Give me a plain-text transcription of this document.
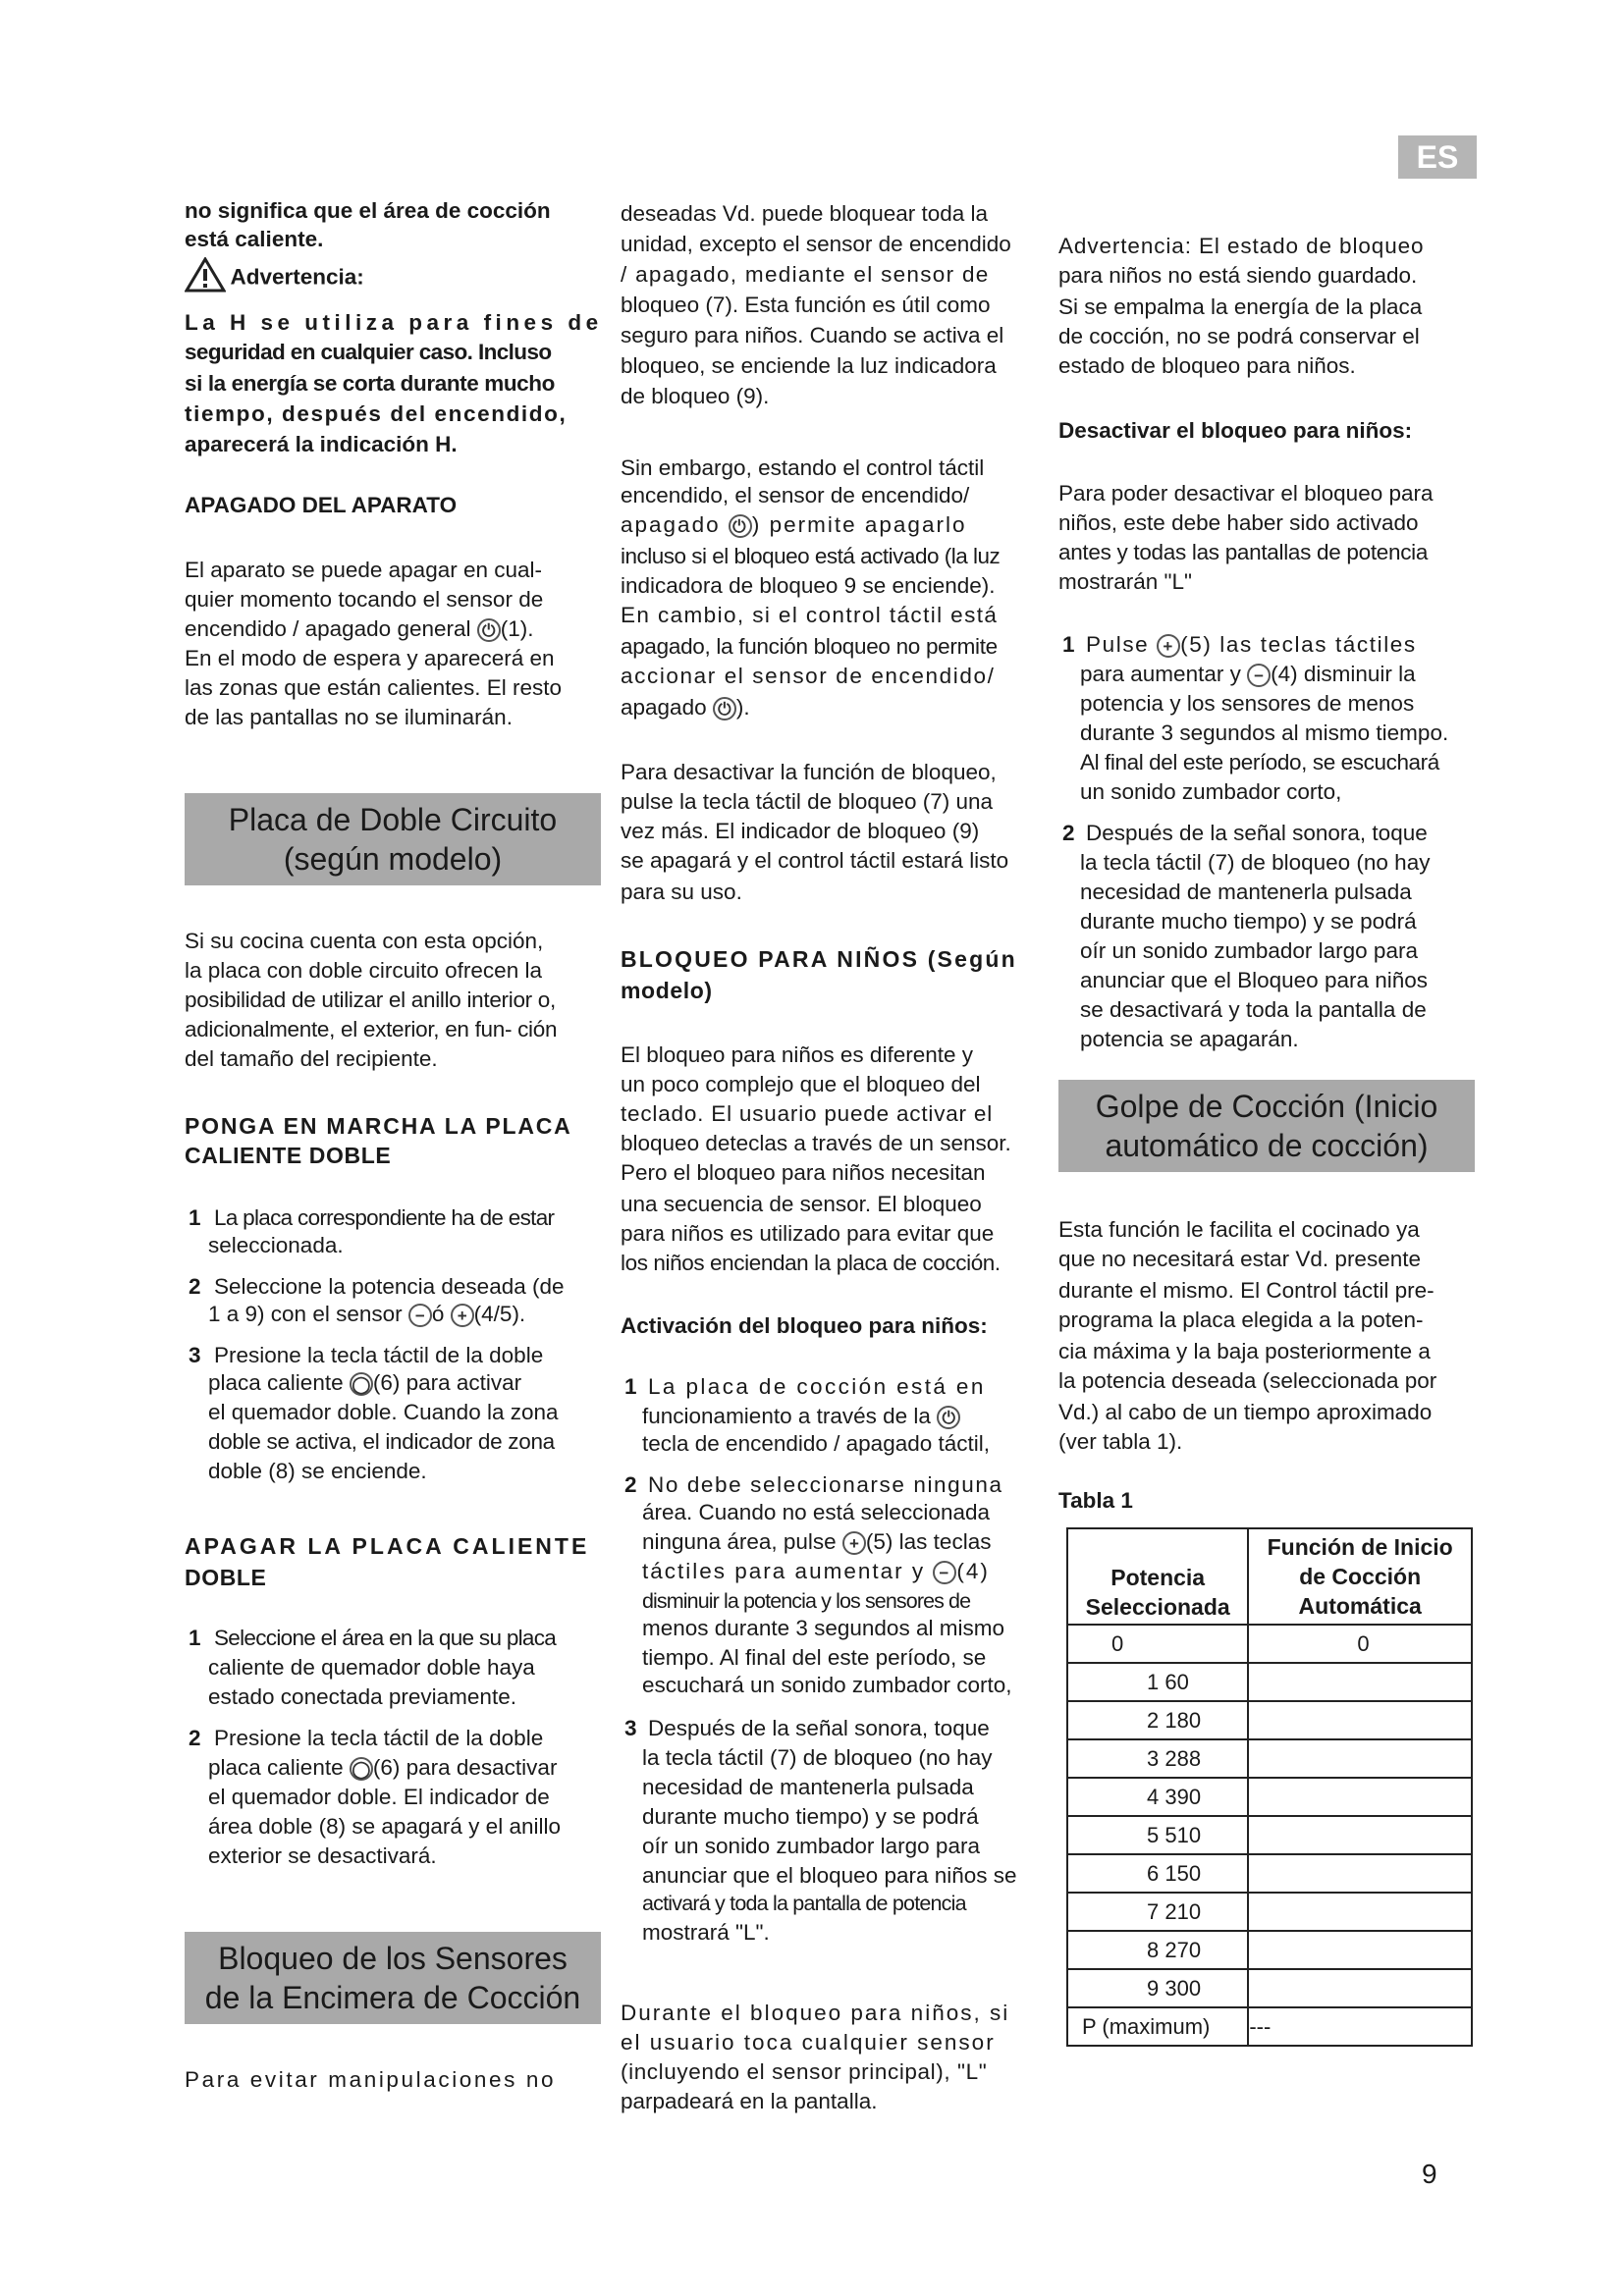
ES

no significa que el área de cocción

está caliente.

Advertencia:

La H se utiliza para fines de

seguridad en cualquier caso. Incluso

si la energía se corta durante mucho

tiempo, después del encendido,

aparecerá la indicación H.

APAGADO DEL APARATO

El aparato se puede apagar en cual-

quier momento tocando el sensor de

encendido / apagado general ⏻ (1).

En el modo de espera y aparecerá en

las zonas que están calientes. El resto

de las pantallas no se iluminarán.

Placa de Doble Circuito
(según modelo)

Si su cocina cuenta con esta opción,

la placa con doble circuito ofrecen la

posibilidad de utilizar el anillo interior o,

adicionalmente, el exterior, en fun- ción

del tamaño del recipiente.

PONGA EN MARCHA LA PLACA

CALIENTE DOBLE

1 La placa correspondiente ha de estar

seleccionada.

2 Seleccione la potencia deseada (de

1 a 9) con el sensor − ó + (4/5).

3 Presione la tecla táctil de la doble

placa caliente ◯ (6) para activar

el quemador doble. Cuando la zona

doble se activa, el indicador de zona

doble (8) se enciende.

APAGAR LA PLACA CALIENTE

DOBLE

1 Seleccione el área en la que su placa

caliente de quemador doble haya

estado conectada previamente.

2 Presione la tecla táctil de la doble

placa caliente ◯ (6) para desactivar

el quemador doble. El indicador de

área doble (8) se apagará y el anillo

exterior se desactivará.

Bloqueo de los Sensores
de la Encimera de Cocción

Para evitar manipulaciones no

deseadas Vd. puede bloquear toda la

unidad, excepto el sensor de encendido

/ apagado, mediante el sensor de

bloqueo (7). Esta función es útil como

seguro para niños. Cuando se activa el

bloqueo, se enciende la luz indicadora

de bloqueo (9).

Sin embargo, estando el control táctil

encendido, el sensor de encendido/

apagado ⏻ ) permite apagarlo

incluso si el bloqueo está activado (la luz

indicadora de bloqueo 9 se enciende).

En cambio, si el control táctil está

apagado, la función bloqueo no permite

accionar el sensor de encendido/

apagado ⏻ ).

Para desactivar la función de bloqueo,

pulse la tecla táctil de bloqueo (7) una

vez más. El indicador de bloqueo (9)

se apagará y el control táctil estará listo

para su uso.

BLOQUEO PARA NIÑOS (Según

modelo)

El bloqueo para niños es diferente y

un poco complejo que el bloqueo del

teclado. El usuario puede activar el

bloqueo deteclas a través de un sensor.

Pero el bloqueo para niños necesitan

una secuencia de sensor. El bloqueo

para niños es utilizado para evitar que

los niños enciendan la placa de cocción.

Activación del bloqueo para niños:

1 La placa de cocción está en

funcionamiento a través de la ⏻

tecla de encendido / apagado táctil,

2 No debe seleccionarse ninguna

área. Cuando no está seleccionada

ninguna área, pulse + (5) las teclas

táctiles para aumentar y − (4)

disminuir la potencia y los sensores de

menos durante 3 segundos al mismo

tiempo. Al final del este período, se

escuchará un sonido zumbador corto,

3 Después de la señal sonora, toque

la tecla táctil (7) de bloqueo (no hay

necesidad de mantenerla pulsada

durante mucho tiempo) y se podrá

oír un sonido zumbador largo para

anunciar que el bloqueo para niños se

activará y toda la pantalla de potencia

mostrará "L".

Durante el bloqueo para niños, si

el usuario toca cualquier sensor

(incluyendo el sensor principal), "L"

parpadeará en la pantalla.

Advertencia: El estado de bloqueo

para niños no está siendo guardado.

Si se empalma la energía de la placa

de cocción, no se podrá conservar el

estado de bloqueo para niños.

Desactivar el bloqueo para niños:

Para poder desactivar el bloqueo para

niños, este debe haber sido activado

antes y todas las pantallas de potencia

mostrarán "L"

1 Pulse + (5) las teclas táctiles

para aumentar y − (4) disminuir la

potencia y los sensores de menos

durante 3 segundos al mismo tiempo.

Al final del este período, se escuchará

un sonido zumbador corto,

2 Después de la señal sonora, toque

la tecla táctil (7) de bloqueo (no hay

necesidad de mantenerla pulsada

durante mucho tiempo) y se podrá

oír un sonido zumbador largo para

anunciar que el Bloqueo para niños

se desactivará y toda la pantalla de

potencia se apagarán.

Golpe de Cocción (Inicio
automático de cocción)

Esta función le facilita el cocinado ya

que no necesitará estar Vd. presente

durante el mismo. El Control táctil pre-

programa la placa elegida a la poten-

cia máxima y la baja posteriormente a

la potencia deseada (seleccionada por

Vd.) al cabo de un tiempo aproximado

(ver tabla 1).

Tabla 1

Potencia Seleccionada	Función de Inicio de Cocción Automática
0	0
1 60	
2 180	
3 288	
4 390	
5 510	
6 150	
7 210	
8 270	
9 300	
P (maximum)	---

9
